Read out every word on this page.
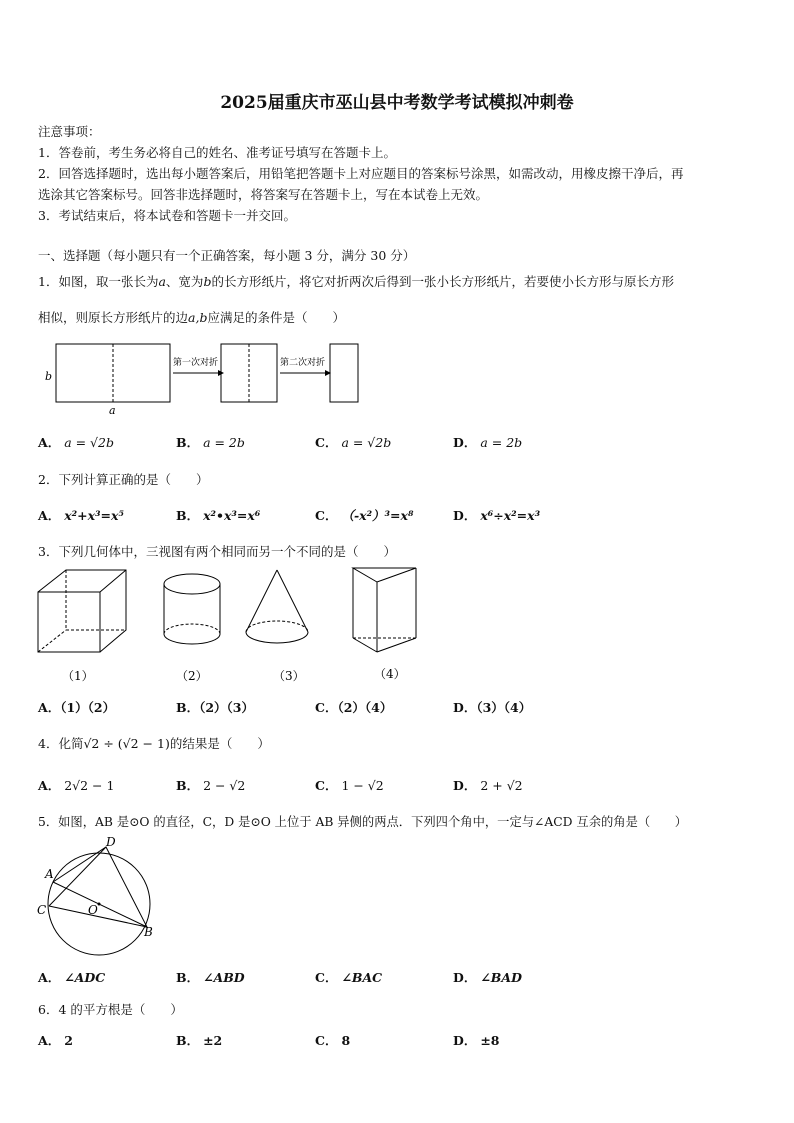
2025届重庆市巫山县中考数学考试模拟冲刺卷
注意事项：
1．答卷前，考生务必将自己的姓名、准考证号填写在答题卡上。
2．回答选择题时，选出每小题答案后，用铅笔把答题卡上对应题目的答案标号涂黑，如需改动，用橡皮擦干净后，再
选涂其它答案标号。回答非选择题时，将答案写在答题卡上，写在本试卷上无效。
3．考试结束后，将本试卷和答题卡一并交回。
一、选择题（每小题只有一个正确答案，每小题 3 分，满分 30 分）
1．如图，取一张长为a、宽为b的长方形纸片，将它对折两次后得到一张小长方形纸片，若要使小长方形与原长方形
相似，则原长方形纸片的边a,b应满足的条件是（　　）
b
a
第一次对折	第二次对折
A． a = √2b	B． a = 2b	C． a = √2b	D． a = 2b
2．下列计算正确的是（　　）
A． x²+x³=x⁵	B． x²•x³=x⁶	C． （-x²）³=x⁸	D． x⁶÷x²=x³
3．下列几何体中，三视图有两个相同而另一个不同的是（　　）
（1）	（2）	（3）	（4）
A．（1）（2）	B．（2）（3）	C．（2）（4）	D．（3）（4）
4．化简√2 ÷ (√2 − 1)的结果是（　　）
A． 2√2 − 1	B． 2 − √2	C． 1 − √2	D． 2 + √2
5．如图，AB 是⊙O 的直径，C，D 是⊙O 上位于 AB 异侧的两点．下列四个角中，一定与∠ACD 互余的角是（　　）
A
D
C	O
B
A． ∠ADC	B． ∠ABD	C． ∠BAC	D． ∠BAD
6．4 的平方根是（　　）
A． 2	B． ±2	C． 8	D． ±8
